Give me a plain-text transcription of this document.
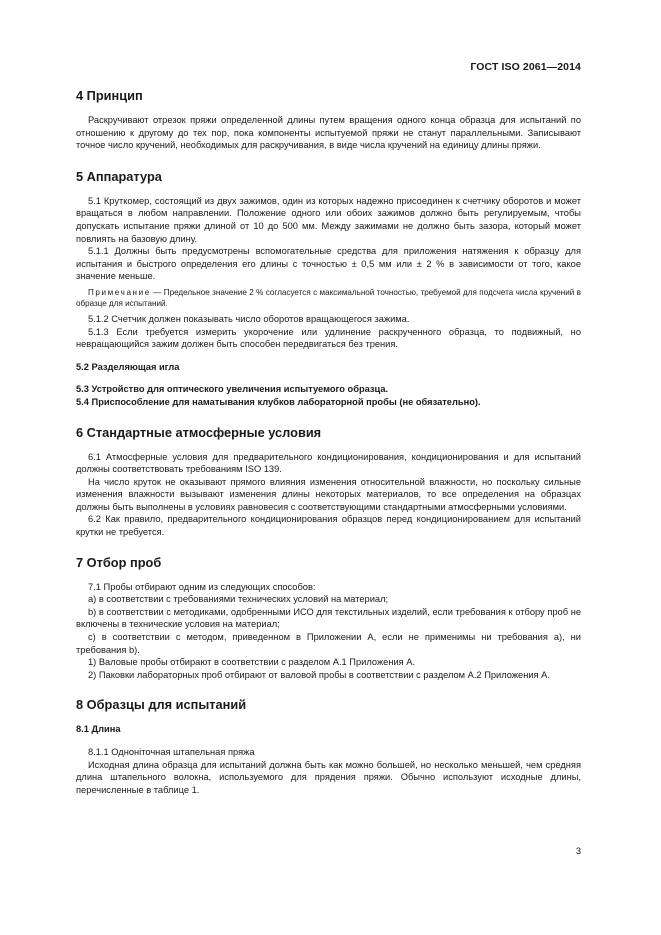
ГОСТ ISO 2061—2014
4 Принцип

Раскручивают отрезок пряжи определенной длины путем вращения одного конца образца для испытаний по отношению к другому до тех пор, пока компоненты испытуемой пряжи не станут параллельными. Записывают точное число кручений, необходимых для раскручивания, в виде числа кручений на единицу длины пряжи.

5 Аппаратура

5.1 Круткомер, состоящий из двух зажимов, один из которых надежно присоединен к счетчику оборотов и может вращаться в любом направлении. Положение одного или обоих зажимов должно быть регулируемым, чтобы допускать испытание пряжи длиной от 10 до 500 мм. Между зажимами не должно быть зазора, который может повлиять на базовую длину.

5.1.1 Должны быть предусмотрены вспомогательные средства для приложения натяжения к образцу для испытания и быстрого определения его длины с точностью ± 0,5 мм или ± 2 % в зависимости от того, какое значение меньше.

Примечание — Предельное значение 2 % согласуется с максимальной точностью, требуемой для подсчета числа кручений в образце для испытаний.

5.1.2 Счетчик должен показывать число оборотов вращающегося зажима.

5.1.3 Если требуется измерить укорочение или удлинение раскрученного образца, то подвижный, но невращающийся зажим должен быть способен передвигаться без трения.

5.2 Разделяющая игла
5.3 Устройство для оптического увеличения испытуемого образца.
5.4 Приспособление для наматывания клубков лабораторной пробы (не обязательно).
6 Стандартные атмосферные условия

6.1 Атмосферные условия для предварительного кондиционирования, кондиционирования и для испытаний должны соответствовать требованиям ISO 139.

На число круток не оказывают прямого влияния изменения относительной влажности, но поскольку сильные изменения влажности вызывают изменения длины некоторых материалов, то все определения на образцах должны быть выполнены в условиях равновесия с соответствующими стандартными атмосферными условиями.

6.2 Как правило, предварительного кондиционирования образцов перед кондиционированием для испытаний крутки не требуется.

7 Отбор проб

7.1 Пробы отбирают одним из следующих способов:

а) в соответствии с требованиями технических условий на материал;

b) в соответствии с методиками, одобренными ИСО для текстильных изделий, если требования к отбору проб не включены в технические условия на материал;

c) в соответствии с методом, приведенном в Приложении А, если не применимы ни требования а), ни требования b).

1) Валовые пробы отбирают в соответствии с разделом А.1 Приложения А.

2) Паковки лабораторных проб отбирают от валовой пробы в соответствии с разделом А.2 Приложения А.

8 Образцы для испытаний
8.1 Длина

8.1.1 Одноніточная штапельная пряжа

Исходная длина образца для испытаний должна быть как можно большей, но несколько меньшей, чем средняя длина штапельного волокна, используемого для прядения пряжи. Обычно используют исходные длины, перечисленные в таблице 1.

3
